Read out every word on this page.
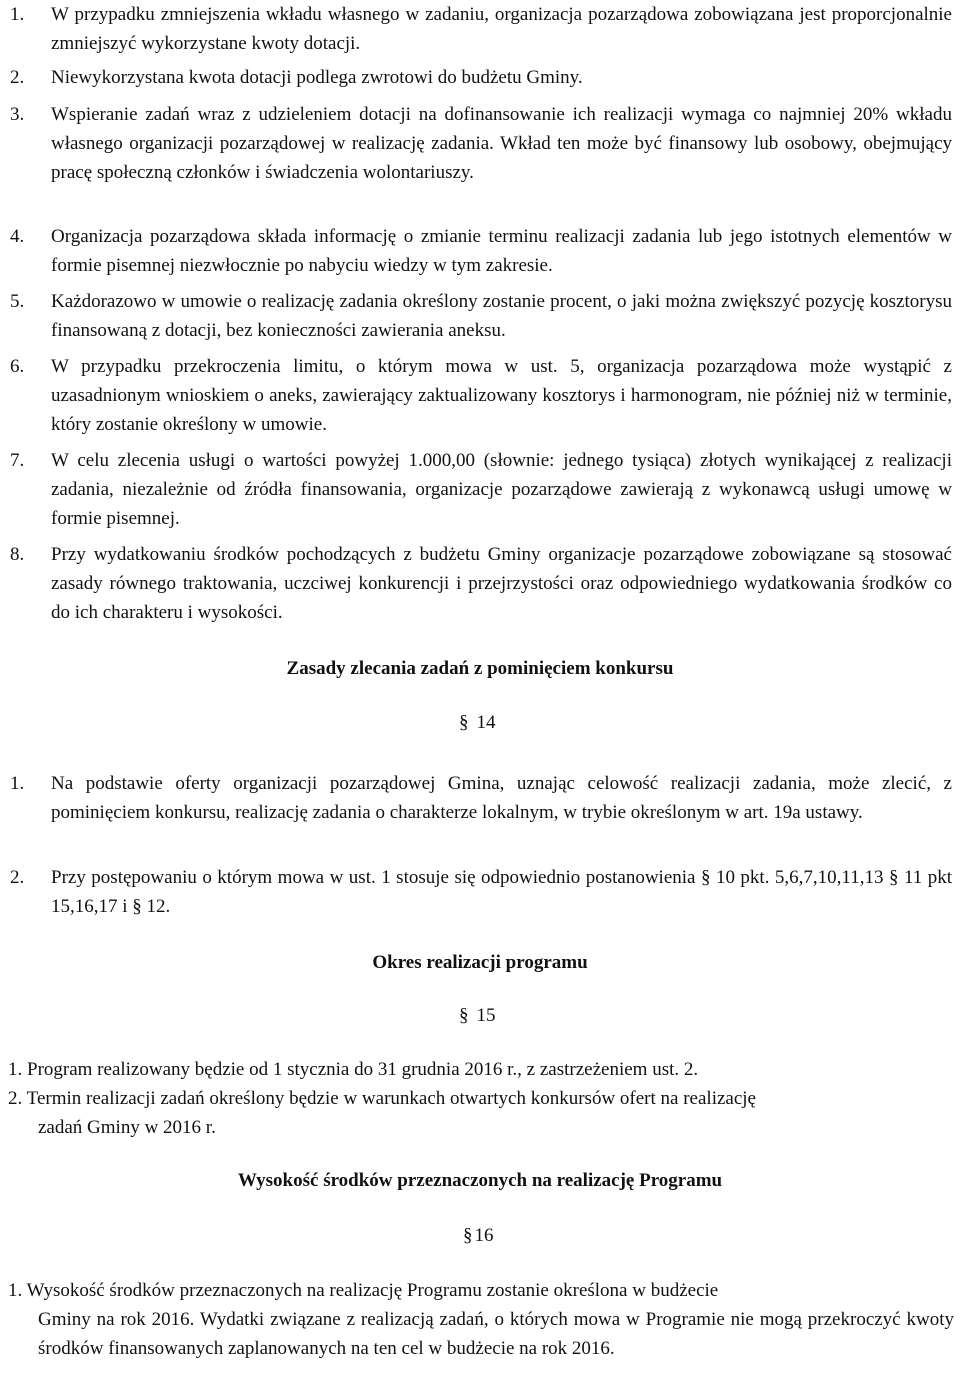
1. W przypadku zmniejszenia wkładu własnego w zadaniu, organizacja pozarządowa zobowiązana jest proporcjonalnie zmniejszyć wykorzystane kwoty dotacji.
2. Niewykorzystana kwota dotacji podlega zwrotowi do budżetu Gminy.
3. Wspieranie zadań wraz z udzieleniem dotacji na dofinansowanie ich realizacji wymaga co najmniej 20% wkładu własnego organizacji pozarządowej w realizację zadania. Wkład ten może być finansowy lub osobowy, obejmujący pracę społeczną członków i świadczenia wolontariuszy.
4. Organizacja pozarządowa składa informację o zmianie terminu realizacji zadania lub jego istotnych elementów w formie pisemnej niezwłocznie po nabyciu wiedzy w tym zakresie.
5. Każdorazowo w umowie o realizację zadania określony zostanie procent, o jaki można zwiększyć pozycję kosztorysu finansowaną z dotacji, bez konieczności zawierania aneksu.
6. W przypadku przekroczenia limitu, o którym mowa w ust. 5, organizacja pozarządowa może wystąpić z uzasadnionym wnioskiem o aneks, zawierający zaktualizowany kosztorys i harmonogram, nie później niż w terminie, który zostanie określony w umowie.
7. W celu zlecenia usługi o wartości powyżej 1.000,00 (słownie: jednego tysiąca) złotych wynikającej z realizacji zadania, niezależnie od źródła finansowania, organizacje pozarządowe zawierają z wykonawcą usługi umowę w formie pisemnej.
8. Przy wydatkowaniu środków pochodzących z budżetu Gminy organizacje pozarządowe zobowiązane są stosować zasady równego traktowania, uczciwej konkurencji i przejrzystości oraz odpowiedniego wydatkowania środków co do ich charakteru i wysokości.
Zasady zlecania zadań z pominięciem konkursu
§ 14
1. Na podstawie oferty organizacji pozarządowej Gmina, uznając celowość realizacji zadania, może zlecić, z pominięciem konkursu, realizację zadania o charakterze lokalnym, w trybie określonym w art. 19a ustawy.
2. Przy postępowaniu o którym mowa w ust. 1 stosuje się odpowiednio postanowienia § 10 pkt. 5,6,7,10,11,13 § 11 pkt 15,16,17 i § 12.
Okres realizacji programu
§ 15
1. Program realizowany będzie od 1 stycznia do 31 grudnia 2016 r., z zastrzeżeniem ust. 2.
2. Termin realizacji zadań określony będzie w warunkach otwartych konkursów ofert na realizację
zadań Gminy w 2016 r.
Wysokość środków przeznaczonych na realizację Programu
§ 16
1. Wysokość środków przeznaczonych na realizację Programu zostanie określona w budżecie
Gminy na rok 2016. Wydatki związane z realizacją zadań, o których mowa w Programie nie mogą przekroczyć kwoty środków finansowanych zaplanowanych na ten cel w budżecie na rok 2016.
